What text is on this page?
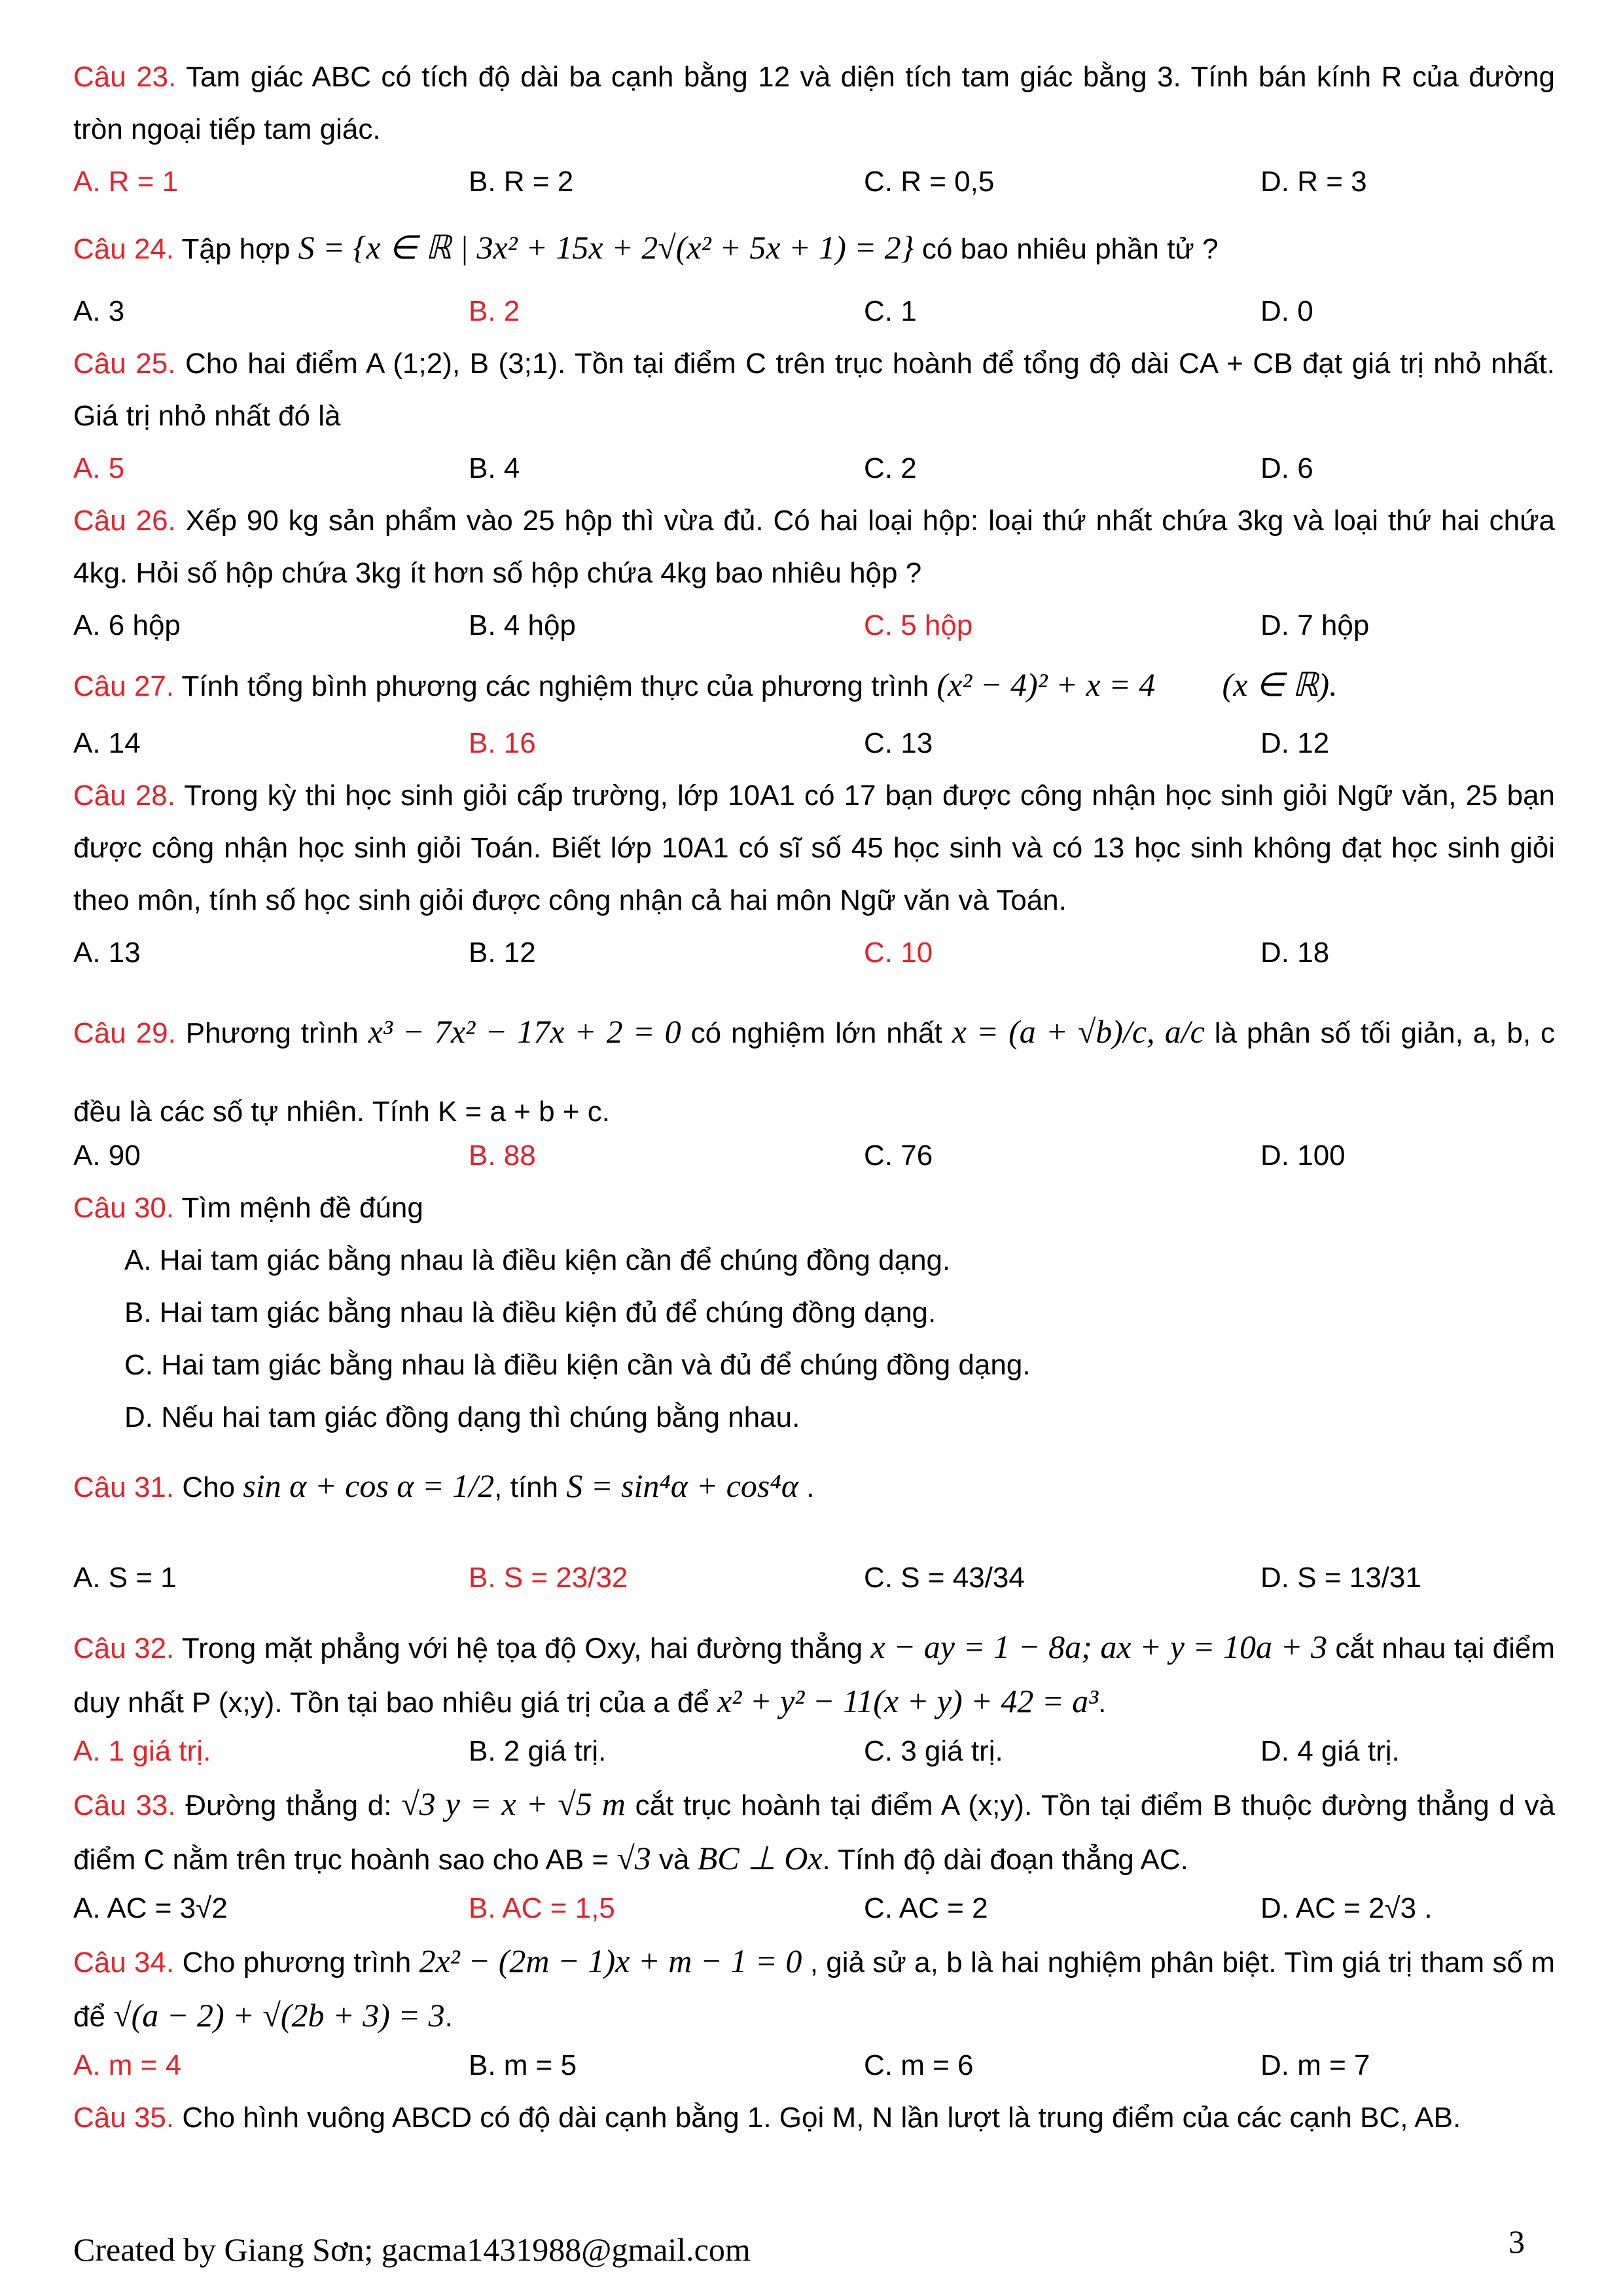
Câu 23. Tam giác ABC có tích độ dài ba cạnh bằng 12 và diện tích tam giác bằng 3. Tính bán kính R của đường tròn ngoại tiếp tam giác.
A. R = 1	B. R = 2	C. R = 0,5	D. R = 3
Câu 24. Tập hợp S = {x ∈ ℝ | 3x² + 15x + 2√(x² + 5x + 1) = 2} có bao nhiêu phần tử ?
A. 3	B. 2	C. 1	D. 0
Câu 25. Cho hai điểm A (1;2), B (3;1). Tồn tại điểm C trên trục hoành để tổng độ dài CA + CB đạt giá trị nhỏ nhất. Giá trị nhỏ nhất đó là
A. 5	B. 4	C. 2	D. 6
Câu 26. Xếp 90 kg sản phẩm vào 25 hộp thì vừa đủ. Có hai loại hộp: loại thứ nhất chứa 3kg và loại thứ hai chứa 4kg. Hỏi số hộp chứa 3kg ít hơn số hộp chứa 4kg bao nhiêu hộp ?
A. 6 hộp	B. 4 hộp	C. 5 hộp	D. 7 hộp
Câu 27. Tính tổng bình phương các nghiệm thực của phương trình (x² − 4)² + x = 4 (x ∈ ℝ).
A. 14	B. 16	C. 13	D. 12
Câu 28. Trong kỳ thi học sinh giỏi cấp trường, lớp 10A1 có 17 bạn được công nhận học sinh giỏi Ngữ văn, 25 bạn được công nhận học sinh giỏi Toán. Biết lớp 10A1 có sĩ số 45 học sinh và có 13 học sinh không đạt học sinh giỏi theo môn, tính số học sinh giỏi được công nhận cả hai môn Ngữ văn và Toán.
A. 13	B. 12	C. 10	D. 18
Câu 29. Phương trình x³ − 7x² − 17x + 2 = 0 có nghiệm lớn nhất x = (a + √b)/c, a/c là phân số tối giản, a, b, c đều là các số tự nhiên. Tính K = a + b + c.
A. 90	B. 88	C. 76	D. 100
Câu 30. Tìm mệnh đề đúng
A. Hai tam giác bằng nhau là điều kiện cần để chúng đồng dạng.
B. Hai tam giác bằng nhau là điều kiện đủ để chúng đồng dạng.
C. Hai tam giác bằng nhau là điều kiện cần và đủ để chúng đồng dạng.
D. Nếu hai tam giác đồng dạng thì chúng bằng nhau.
Câu 31. Cho sin α + cos α = 1/2, tính S = sin⁴α + cos⁴α .
A. S = 1	B. S = 23/32	C. S = 43/34	D. S = 13/31
Câu 32. Trong mặt phẳng với hệ tọa độ Oxy, hai đường thẳng x − ay = 1 − 8a; ax + y = 10a + 3 cắt nhau tại điểm duy nhất P (x;y). Tồn tại bao nhiêu giá trị của a để x² + y² − 11(x + y) + 42 = a³.
A. 1 giá trị.	B. 2 giá trị.	C. 3 giá trị.	D. 4 giá trị.
Câu 33. Đường thẳng d: √3 y = x + √5 m cắt trục hoành tại điểm A (x;y). Tồn tại điểm B thuộc đường thẳng d và điểm C nằm trên trục hoành sao cho AB = √3 và BC ⊥ Ox. Tính độ dài đoạn thẳng AC.
A. AC = 3√2	B. AC = 1,5	C. AC = 2	D. AC = 2√3 .
Câu 34. Cho phương trình 2x² − (2m − 1)x + m − 1 = 0 , giả sử a, b là hai nghiệm phân biệt. Tìm giá trị tham số m để √(a − 2) + √(2b + 3) = 3.
A. m = 4	B. m = 5	C. m = 6	D. m = 7
Câu 35. Cho hình vuông ABCD có độ dài cạnh bằng 1. Gọi M, N lần lượt là trung điểm của các cạnh BC, AB.
Created by Giang Sơn; gacma1431988@gmail.com	3
